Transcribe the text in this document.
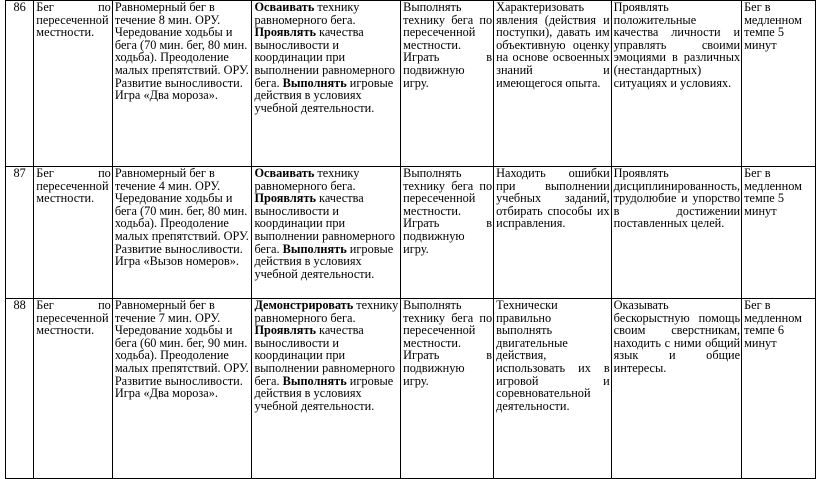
86	Бег по пересеченной местности.	Равномерный бег в течение 8 мин. ОРУ. Чередование ходьбы и бега (70 мин. бег, 80 мин. ходьба). Преодоление малых препятствий. ОРУ. Развитие выносливости. Игра «Два мороза».	Осваивать технику равномерного бега. Проявлять качества выносливости и координации при выполнении равномерного бега. Выполнять игровые действия в условиях учебной деятельности.	Выполнять технику бега по пересеченной местности. Играть в подвижную игру.	Характеризовать явления (действия и поступки), давать им объективную оценку на основе освоенных знаний и имеющегося опыта.	Проявлять положительные качества личности и управлять своими эмоциями в различных (нестандартных) ситуациях и условиях.	Бег в медленном темпе 5 минут
87	Бег по пересеченной местности.	Равномерный бег в течение 4 мин. ОРУ. Чередование ходьбы и бега (70 мин. бег, 80 мин. ходьба). Преодоление малых препятствий. ОРУ. Развитие выносливости. Игра «Вызов номеров».	Осваивать технику равномерного бега. Проявлять качества выносливости и координации при выполнении равномерного бега. Выполнять игровые действия в условиях учебной деятельности.	Выполнять технику бега по пересеченной местности. Играть в подвижную игру.	Находить ошибки при выполнении учебных заданий, отбирать способы их исправления.	Проявлять дисциплинированность, трудолюбие и упорство в достижении поставленных целей.	Бег в медленном темпе 5 минут
88	Бег по пересеченной местности.	Равномерный бег в течение 7 мин. ОРУ. Чередование ходьбы и бега (60 мин. бег, 90 мин. ходьба). Преодоление малых препятствий. ОРУ. Развитие выносливости. Игра «Два мороза».	Демонстрировать технику равномерного бега. Проявлять качества выносливости и координации при выполнении равномерного бега. Выполнять игровые действия в условиях учебной деятельности.	Выполнять технику бега по пересеченной местности. Играть в подвижную игру.	Технически правильно выполнять двигательные действия, использовать их в игровой и соревновательной деятельности.	Оказывать бескорыстную помощь своим сверстникам, находить с ними общий язык и общие интересы.	Бег в медленном темпе 6 минут
